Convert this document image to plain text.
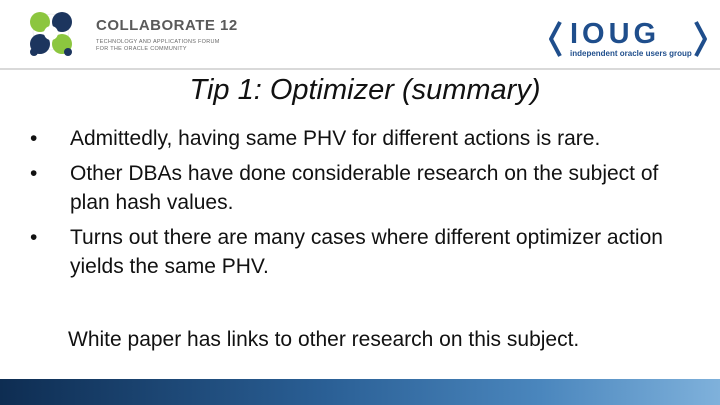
COLLABORATE 12
TECHNOLOGY AND APPLICATIONS FORUM
FOR THE ORACLE COMMUNITY	IOUG
independent oracle users group
Tip 1: Optimizer (summary)
•	Admittedly, having same PHV for different actions is rare.
•	Other DBAs have done considerable research on the subject of plan hash values.
•	Turns out there are many cases where different optimizer action yields the same PHV.
White paper has links to other research on this subject.
